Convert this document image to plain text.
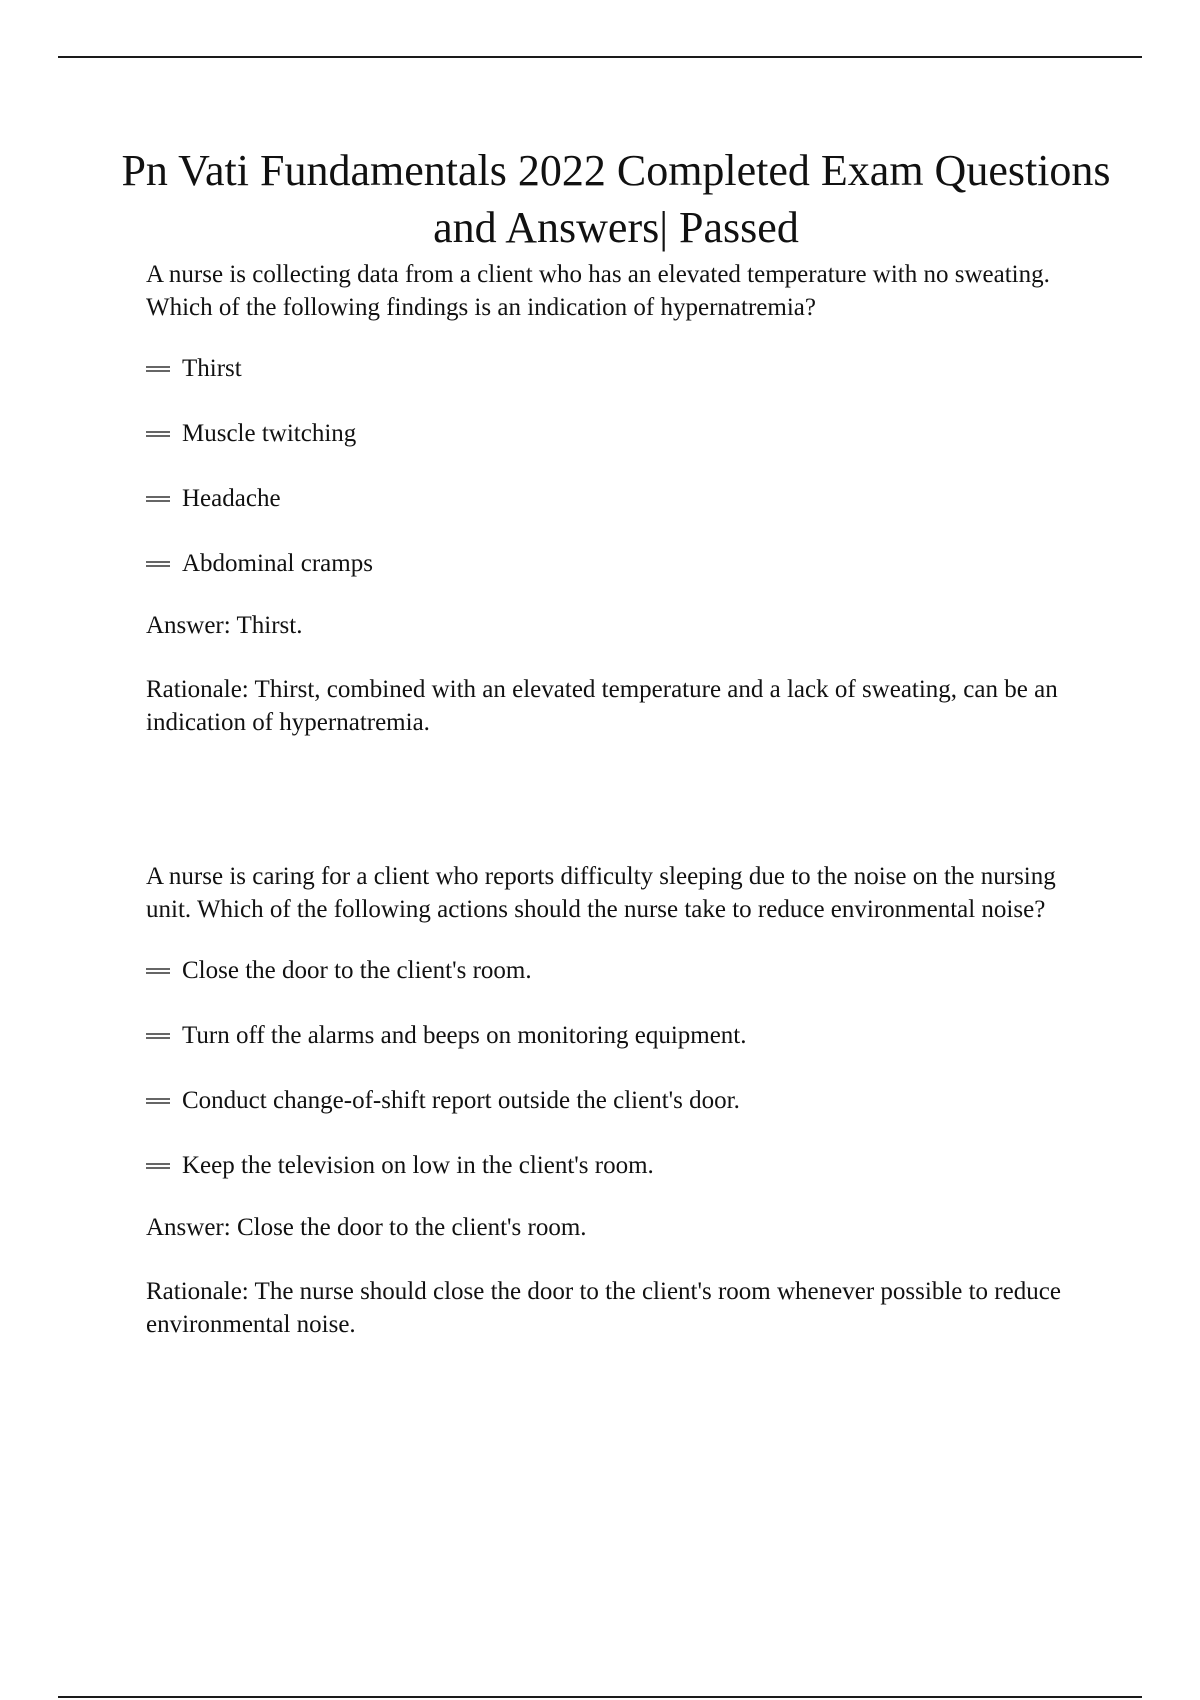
Pn Vati Fundamentals 2022 Completed Exam Questions and Answers| Passed

A nurse is collecting data from a client who has an elevated temperature with no sweating. Which of the following findings is an indication of hypernatremia?

Thirst
Muscle twitching
Headache
Abdominal cramps

Answer: Thirst.

Rationale: Thirst, combined with an elevated temperature and a lack of sweating, can be an indication of hypernatremia.

A nurse is caring for a client who reports difficulty sleeping due to the noise on the nursing unit. Which of the following actions should the nurse take to reduce environmental noise?

Close the door to the client's room.
Turn off the alarms and beeps on monitoring equipment.
Conduct change-of-shift report outside the client's door.
Keep the television on low in the client's room.

Answer: Close the door to the client's room.

Rationale: The nurse should close the door to the client's room whenever possible to reduce environmental noise.
